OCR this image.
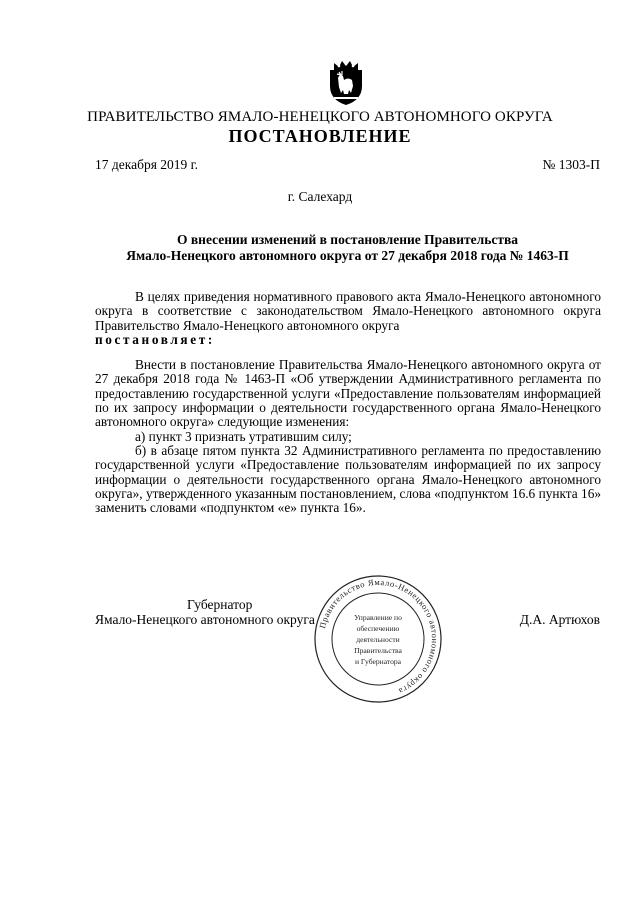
ПРАВИТЕЛЬСТВО ЯМАЛО-НЕНЕЦКОГО АВТОНОМНОГО ОКРУГА
ПОСТАНОВЛЕНИЕ
17 декабря 2019 г.	№ 1303-П
г. Салехард
О внесении изменений в постановление Правительства
Ямало-Ненецкого автономного округа от 27 декабря 2018 года № 1463-П

В целях приведения нормативного правового акта Ямало-Ненецкого автономного округа в соответствие с законодательством Ямало-Ненецкого автономного округа Правительство Ямало-Ненецкого автономного округа

постановляет:

Внести в постановление Правительства Ямало-Ненецкого автономного округа от 27 декабря 2018 года № 1463-П «Об утверждении Административного регламента по предоставлению государственной услуги «Предоставление пользователям информацией по их запросу информации о деятельности государственного органа Ямало-Ненецкого автономного округа» следующие изменения:

а) пункт 3 признать утратившим силу;

б) в абзаце пятом пункта 32 Административного регламента по предоставлению государственной услуги «Предоставление пользователям информацией по их запросу информации о деятельности государственного органа Ямало-Ненецкого автономного округа», утвержденного указанным постановлением, слова «подпунктом 16.6 пункта 16» заменить словами «подпунктом «е» пункта 16».

Правительство Ямало-Ненецкого автономного округа
Управление по
обеспечению
деятельности
Правительства
и Губернатора
Губернатор
Ямало-Ненецкого автономного округа	Д.А. Артюхов
